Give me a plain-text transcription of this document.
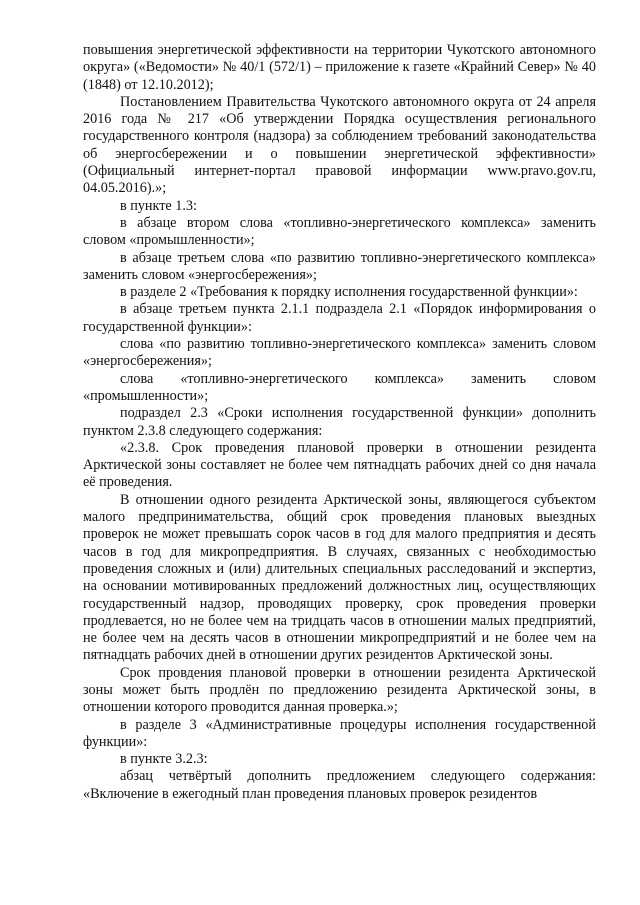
повышения энергетической эффективности на территории Чукотского автономного округа» («Ведомости» № 40/1 (572/1) – приложение к газете «Крайний Север» № 40 (1848) от 12.10.2012);

Постановлением Правительства Чукотского автономного округа от 24 апреля 2016 года № 217 «Об утверждении Порядка осуществления регионального государственного контроля (надзора) за соблюдением требований законодательства об энергосбережении и о повышении энергетической эффективности» (Официальный интернет-портал правовой информации www.pravo.gov.ru, 04.05.2016).»;

в пункте 1.3:

в абзаце втором слова «топливно-энергетического комплекса» заменить словом «промышленности»;

в абзаце третьем слова «по развитию топливно-энергетического комплекса» заменить словом «энергосбережения»;

в разделе 2 «Требования к порядку исполнения государственной функции»:

в абзаце третьем пункта 2.1.1 подраздела 2.1 «Порядок информирования о государственной функции»:

слова «по развитию топливно-энергетического комплекса» заменить словом «энергосбережения»;

слова «топливно-энергетического комплекса» заменить словом «промышленности»;

подраздел 2.3 «Сроки исполнения государственной функции» дополнить пунктом 2.3.8 следующего содержания:

«2.3.8. Срок проведения плановой проверки в отношении резидента Арктической зоны составляет не более чем пятнадцать рабочих дней со дня начала её проведения.

В отношении одного резидента Арктической зоны, являющегося субъектом малого предпринимательства, общий срок проведения плановых выездных проверок не может превышать сорок часов в год для малого предприятия и десять часов в год для микропредприятия. В случаях, связанных с необходимостью проведения сложных и (или) длительных специальных расследований и экспертиз, на основании мотивированных предложений должностных лиц, осуществляющих государственный надзор, проводящих проверку, срок проведения проверки продлевается, но не более чем на тридцать часов в отношении малых предприятий, не более чем на десять часов в отношении микропредприятий и не более чем на пятнадцать рабочих дней в отношении других резидентов Арктической зоны.

Срок провдения плановой проверки в отношении резидента Арктической зоны может быть продлён по предложению резидента Арктической зоны, в отношении которого проводится данная проверка.»;

в разделе 3 «Административные процедуры исполнения государственной функции»:

в пункте 3.2.3:

абзац четвёртый дополнить предложением следующего содержания: «Включение в ежегодный план проведения плановых проверок резидентов
